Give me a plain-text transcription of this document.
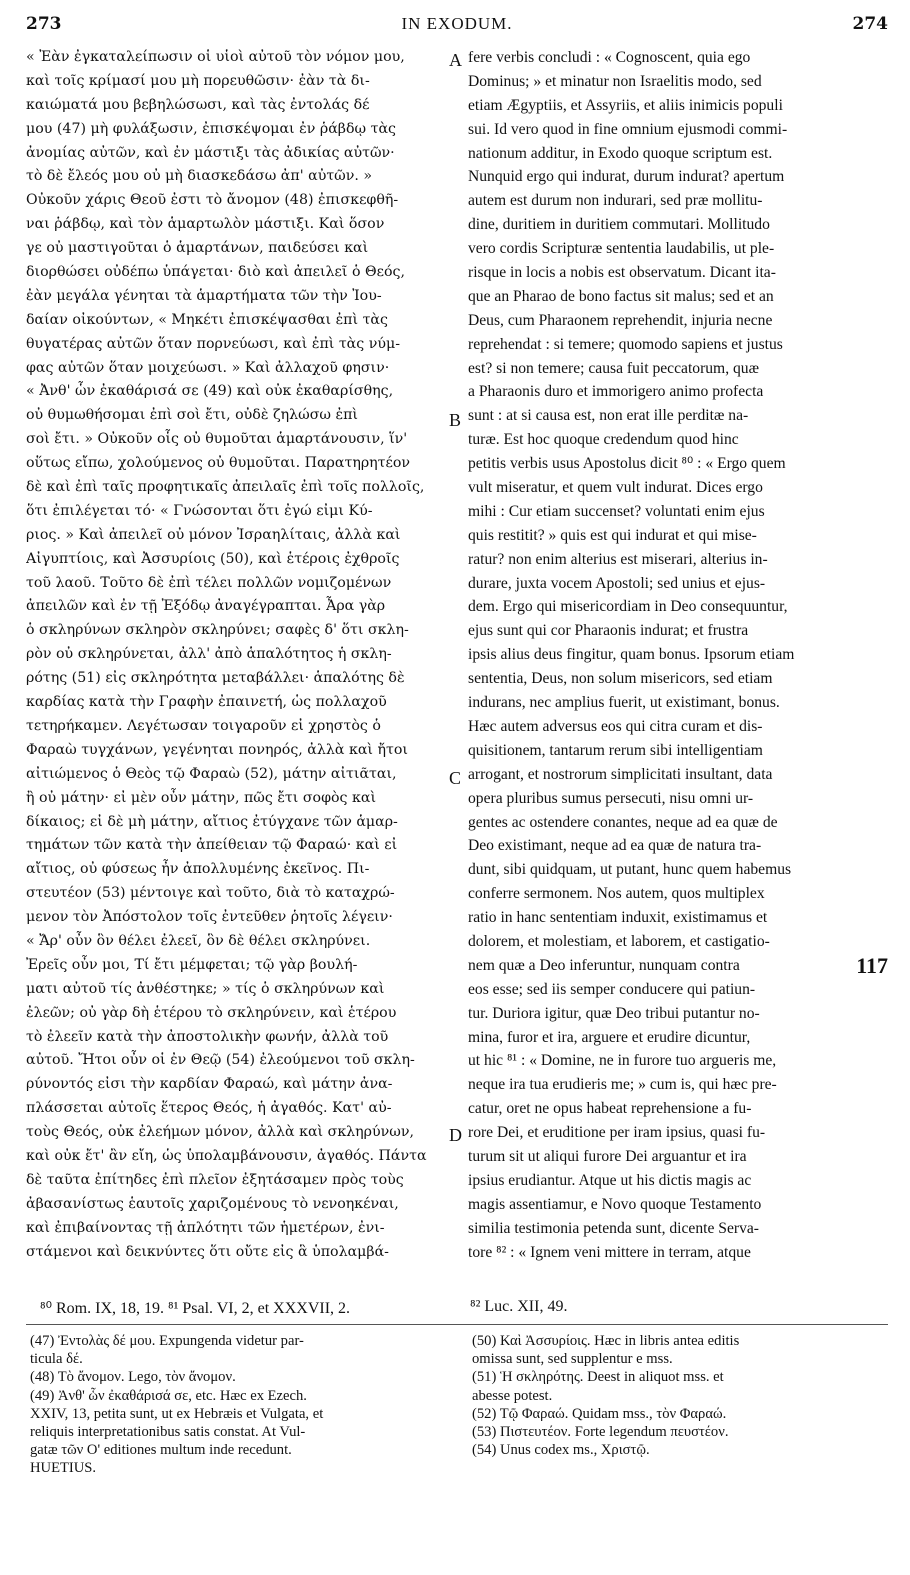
273	IN EXODUM.	274
« Ἐὰν ἐγκαταλείπωσιν οἱ υἱοὶ αὐτοῦ τὸν νόμον μου,
καὶ τοῖς κρίμασί μου μὴ πορευθῶσιν· ἐὰν τὰ δι-
καιώματά μου βεβηλώσωσι, καὶ τὰς ἐντολάς δέ
μου (47) μὴ φυλάξωσιν, ἐπισκέψομαι ἐν ῥάβδῳ τὰς
ἀνομίας αὐτῶν, καὶ ἐν μάστιξι τὰς ἀδικίας αὐτῶν·
τὸ δὲ ἔλεός μου οὐ μὴ διασκεδάσω ἀπ' αὐτῶν. »
Οὐκοῦν χάρις Θεοῦ ἐστι τὸ ἄνομον (48) ἐπισκεφθῆ-
ναι ῥάβδῳ, καὶ τὸν ἁμαρτωλὸν μάστιξι. Καὶ ὅσον
γε οὐ μαστιγοῦται ὁ ἁμαρτάνων, παιδεύσει καὶ
διορθώσει οὐδέπω ὑπάγεται· διὸ καὶ ἀπειλεῖ ὁ Θεός,
ἐὰν μεγάλα γένηται τὰ ἁμαρτήματα τῶν τὴν Ἰου-
δαίαν οἰκούντων, « Μηκέτι ἐπισκέψασθαι ἐπὶ τὰς
θυγατέρας αὐτῶν ὅταν πορνεύωσι, καὶ ἐπὶ τὰς νύμ-
φας αὐτῶν ὅταν μοιχεύωσι. » Καὶ ἀλλαχοῦ φησιν·
« Ἀνθ' ὧν ἐκαθάρισά σε (49) καὶ οὐκ ἐκαθαρίσθης,
οὐ θυμωθήσομαι ἐπὶ σοὶ ἔτι, οὐδὲ ζηλώσω ἐπὶ
σοὶ ἔτι. » Οὐκοῦν οἷς οὐ θυμοῦται ἁμαρτάνουσιν, ἵν'
οὕτως εἴπω, χολούμενος οὐ θυμοῦται. Παρατηρητέον
δὲ καὶ ἐπὶ ταῖς προφητικαῖς ἀπειλαῖς ἐπὶ τοῖς πολλοῖς,
ὅτι ἐπιλέγεται τό· « Γνώσονται ὅτι ἐγώ εἰμι Κύ-
ριος. » Καὶ ἀπειλεῖ οὐ μόνον Ἰσραηλίταις, ἀλλὰ καὶ
Αἰγυπτίοις, καὶ Ἀσσυρίοις (50), καὶ ἑτέροις ἐχθροῖς
τοῦ λαοῦ. Τοῦτο δὲ ἐπὶ τέλει πολλῶν νομιζομένων
ἀπειλῶν καὶ ἐν τῇ Ἐξόδῳ ἀναγέγραπται. Ἆρα γὰρ
ὁ σκληρύνων σκληρὸν σκληρύνει; σαφὲς δ' ὅτι σκλη-
ρὸν οὐ σκληρύνεται, ἀλλ' ἀπὸ ἁπαλότητος ἡ σκλη-
ρότης (51) εἰς σκληρότητα μεταβάλλει· ἁπαλότης δὲ
καρδίας κατὰ τὴν Γραφὴν ἐπαινετή, ὡς πολλαχοῦ
τετηρήκαμεν. Λεγέτωσαν τοιγαροῦν εἰ χρηστὸς ὁ
Φαραὼ τυγχάνων, γεγένηται πονηρός, ἀλλὰ καὶ ἤτοι
αἰτιώμενος ὁ Θεὸς τῷ Φαραὼ (52), μάτην αἰτιᾶται,
ἢ οὐ μάτην· εἰ μὲν οὖν μάτην, πῶς ἔτι σοφὸς καὶ
δίκαιος; εἰ δὲ μὴ μάτην, αἴτιος ἐτύγχανε τῶν ἁμαρ-
τημάτων τῶν κατὰ τὴν ἀπείθειαν τῷ Φαραώ· καὶ εἰ
αἴτιος, οὐ φύσεως ἦν ἀπολλυμένης ἐκεῖνος. Πι-
στευτέον (53) μέντοιγε καὶ τοῦτο, διὰ τὸ καταχρώ-
μενον τὸν Ἀπόστολον τοῖς ἐντεῦθεν ῥητοῖς λέγειν·
« Ἄρ' οὖν ὃν θέλει ἐλεεῖ, ὃν δὲ θέλει σκληρύνει.
Ἐρεῖς οὖν μοι, Τί ἔτι μέμφεται; τῷ γὰρ βουλή-
ματι αὐτοῦ τίς ἀνθέστηκε; » τίς ὁ σκληρύνων καὶ
ἐλεῶν; οὐ γὰρ δὴ ἑτέρου τὸ σκληρύνειν, καὶ ἑτέρου
τὸ ἐλεεῖν κατὰ τὴν ἀποστολικὴν φωνήν, ἀλλὰ τοῦ
αὐτοῦ. Ἤτοι οὖν οἱ ἐν Θεῷ (54) ἐλεούμενοι τοῦ σκλη-
ρύνοντός εἰσι τὴν καρδίαν Φαραώ, καὶ μάτην ἀνα-
πλάσσεται αὐτοῖς ἕτερος Θεός, ἡ ἀγαθός. Κατ' αὐ-
τοὺς Θεός, οὐκ ἐλεήμων μόνον, ἀλλὰ καὶ σκληρύνων,
καὶ οὐκ ἔτ' ἂν εἴη, ὡς ὑπολαμβάνουσιν, ἀγαθός. Πάντα
δὲ ταῦτα ἐπίτηδες ἐπὶ πλεῖον ἐξητάσαμεν πρὸς τοὺς
ἀβασανίστως ἑαυτοῖς χαριζομένους τὸ νενοηκέναι,
καὶ ἐπιβαίνοντας τῇ ἁπλότητι τῶν ἡμετέρων, ἐνι-
στάμενοι καὶ δεικνύντες ὅτι οὔτε εἰς ἃ ὑπολαμβά-
fere verbis concludi : « Cognoscent, quia ego
Dominus; » et minatur non Israelitis modo, sed
etiam Ægyptiis, et Assyriis, et aliis inimicis populi
sui. Id vero quod in fine omnium ejusmodi commi-
nationum additur, in Exodo quoque scriptum est.
Nunquid ergo qui indurat, durum indurat? apertum
autem est durum non indurari, sed præ mollitu-
dine, duritiem in duritiem commutari. Mollitudo
vero cordis Scripturæ sententia laudabilis, ut ple-
risque in locis a nobis est observatum. Dicant ita-
que an Pharao de bono factus sit malus; sed et an
Deus, cum Pharaonem reprehendit, injuria necne
reprehendat : si temere; quomodo sapiens et justus
est? si non temere; causa fuit peccatorum, quæ
a Pharaonis duro et immorigero animo profecta
sunt : at si causa est, non erat ille perditæ na-
turæ. Est hoc quoque credendum quod hinc
petitis verbis usus Apostolus dicit ⁸⁰ : « Ergo quem
vult miseratur, et quem vult indurat. Dices ergo
mihi : Cur etiam succenset? voluntati enim ejus
quis restitit? » quis est qui indurat et qui mise-
ratur? non enim alterius est miserari, alterius in-
durare, juxta vocem Apostoli; sed unius et ejus-
dem. Ergo qui misericordiam in Deo consequuntur,
ejus sunt qui cor Pharaonis indurat; et frustra
ipsis alius deus fingitur, quam bonus. Ipsorum etiam
sententia, Deus, non solum misericors, sed etiam
indurans, nec amplius fuerit, ut existimant, bonus.
Hæc autem adversus eos qui citra curam et dis-
quisitionem, tantarum rerum sibi intelligentiam
arrogant, et nostrorum simplicitati insultant, data
opera pluribus sumus persecuti, nisu omni ur-
gentes ac ostendere conantes, neque ad ea quæ de
Deo existimant, neque ad ea quæ de natura tra-
dunt, sibi quidquam, ut putant, hunc quem habemus
conferre sermonem. Nos autem, quos multiplex
ratio in hanc sententiam induxit, existimamus et
dolorem, et molestiam, et laborem, et castigatio-
nem quæ a Deo inferuntur, nunquam contra	117
eos esse; sed iis semper conducere qui patiun-
tur. Duriora igitur, quæ Deo tribui putantur no-
mina, furor et ira, arguere et erudire dicuntur,
ut hic ⁸¹ : « Domine, ne in furore tuo argueris me,
neque ira tua erudieris me; » cum is, qui hæc pre-
catur, oret ne opus habeat reprehensione a fu-
rore Dei, et eruditione per iram ipsius, quasi fu-
turum sit ut aliqui furore Dei arguantur et ira
ipsius erudiantur. Atque ut his dictis magis ac
magis assentiamur, e Novo quoque Testamento
similia testimonia petenda sunt, dicente Serva-
tore ⁸² : « Ignem veni mittere in terram, atque
A
B
C
D
⁸⁰ Rom. IX, 18, 19. ⁸¹ Psal. VI, 2, et XXXVII, 2.	⁸² Luc. XII, 49.
(47) Ἐντολὰς δέ μου. Expungenda videtur par-
ticula δέ.
(48) Τὸ ἄνομον. Lego, τὸν ἄνομον.
(49) Ἀνθ' ὧν ἐκαθάρισά σε, etc. Hæc ex Ezech.
XXIV, 13, petita sunt, ut ex Hebræis et Vulgata, et
reliquis interpretationibus satis constat. At Vul-
gatæ τῶν Ο' editiones multum inde recedunt.
HUETIUS.
(50) Καὶ Ἀσσυρίοις. Hæc in libris antea editis
omissa sunt, sed supplentur e mss.
(51) Ἡ σκληρότης. Deest in aliquot mss. et
abesse potest.
(52) Τῷ Φαραώ. Quidam mss., τὸν Φαραώ.
(53) Πιστευτέον. Forte legendum πευστέον.
(54) Unus codex ms., Χριστῷ.
